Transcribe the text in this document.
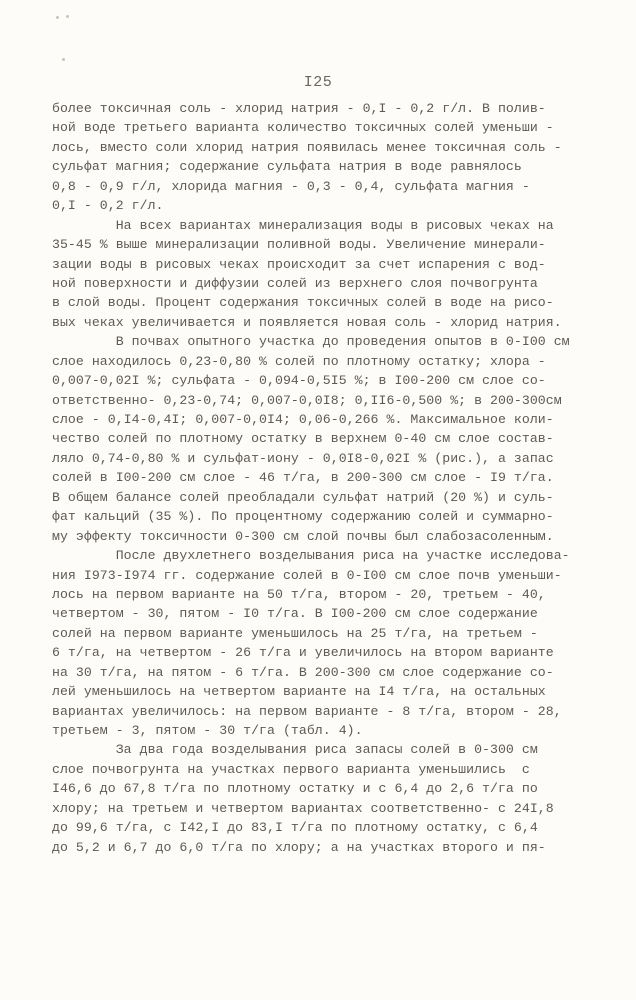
I25
более токсичная соль - хлорид натрия - 0,I - 0,2 г/л. В полив-
ной воде третьего варианта количество токсичных солей уменьши -
лось, вместо соли хлорид натрия появилась менее токсичная соль -
сульфат магния; содержание сульфата натрия в воде равнялось
0,8 - 0,9 г/л, хлорида магния - 0,3 - 0,4, сульфата магния -
0,I - 0,2 г/л.
На всех вариантах минерализация воды в рисовых чеках на
35-45 % выше минерализации поливной воды. Увеличение минерали-
зации воды в рисовых чеках происходит за счет испарения с вод-
ной поверхности и диффузии солей из верхнего слоя почвогрунта
в слой воды. Процент содержания токсичных солей в воде на рисо-
вых чеках увеличивается и появляется новая соль - хлорид натрия.
В почвах опытного участка до проведения опытов в 0-I00 см
слое находилось 0,23-0,80 % солей по плотному остатку; хлора -
0,007-0,02I %; сульфата - 0,094-0,5I5 %; в I00-200 см слое со-
ответственно- 0,23-0,74; 0,007-0,0I8; 0,II6-0,500 %; в 200-300см
слое - 0,I4-0,4I; 0,007-0,0I4; 0,06-0,266 %. Максимальное коли-
чество солей по плотному остатку в верхнем 0-40 см слое состав-
ляло 0,74-0,80 % и сульфат-иону - 0,0I8-0,02I % (рис.), а запас
солей в I00-200 см слое - 46 т/га, в 200-300 см слое - I9 т/га.
В общем балансе солей преобладали сульфат натрий (20 %) и суль-
фат кальций (35 %). По процентному содержанию солей и суммарно-
му эффекту токсичности 0-300 см слой почвы был слабозасоленным.
После двухлетнего возделывания риса на участке исследова-
ния I973-I974 гг. содержание солей в 0-I00 см слое почв уменьши-
лось на первом варианте на 50 т/га, втором - 20, третьем - 40,
четвертом - 30, пятом - I0 т/га. В I00-200 см слое содержание
солей на первом варианте уменьшилось на 25 т/га, на третьем -
6 т/га, на четвертом - 26 т/га и увеличилось на втором варианте
на 30 т/га, на пятом - 6 т/га. В 200-300 см слое содержание со-
лей уменьшилось на четвертом варианте на I4 т/га, на остальных
вариантах увеличилось: на первом варианте - 8 т/га, втором - 28,
третьем - 3, пятом - 30 т/га (табл. 4).
За два года возделывания риса запасы солей в 0-300 см
слое почвогрунта на участках первого варианта уменьшились  с
I46,6 до 67,8 т/га по плотному остатку и с 6,4 до 2,6 т/га по
хлору; на третьем и четвертом вариантах соответственно- с 24I,8
до 99,6 т/га, с I42,I до 83,I т/га по плотному остатку, с 6,4
до 5,2 и 6,7 до 6,0 т/га по хлору; а на участках второго и пя-
